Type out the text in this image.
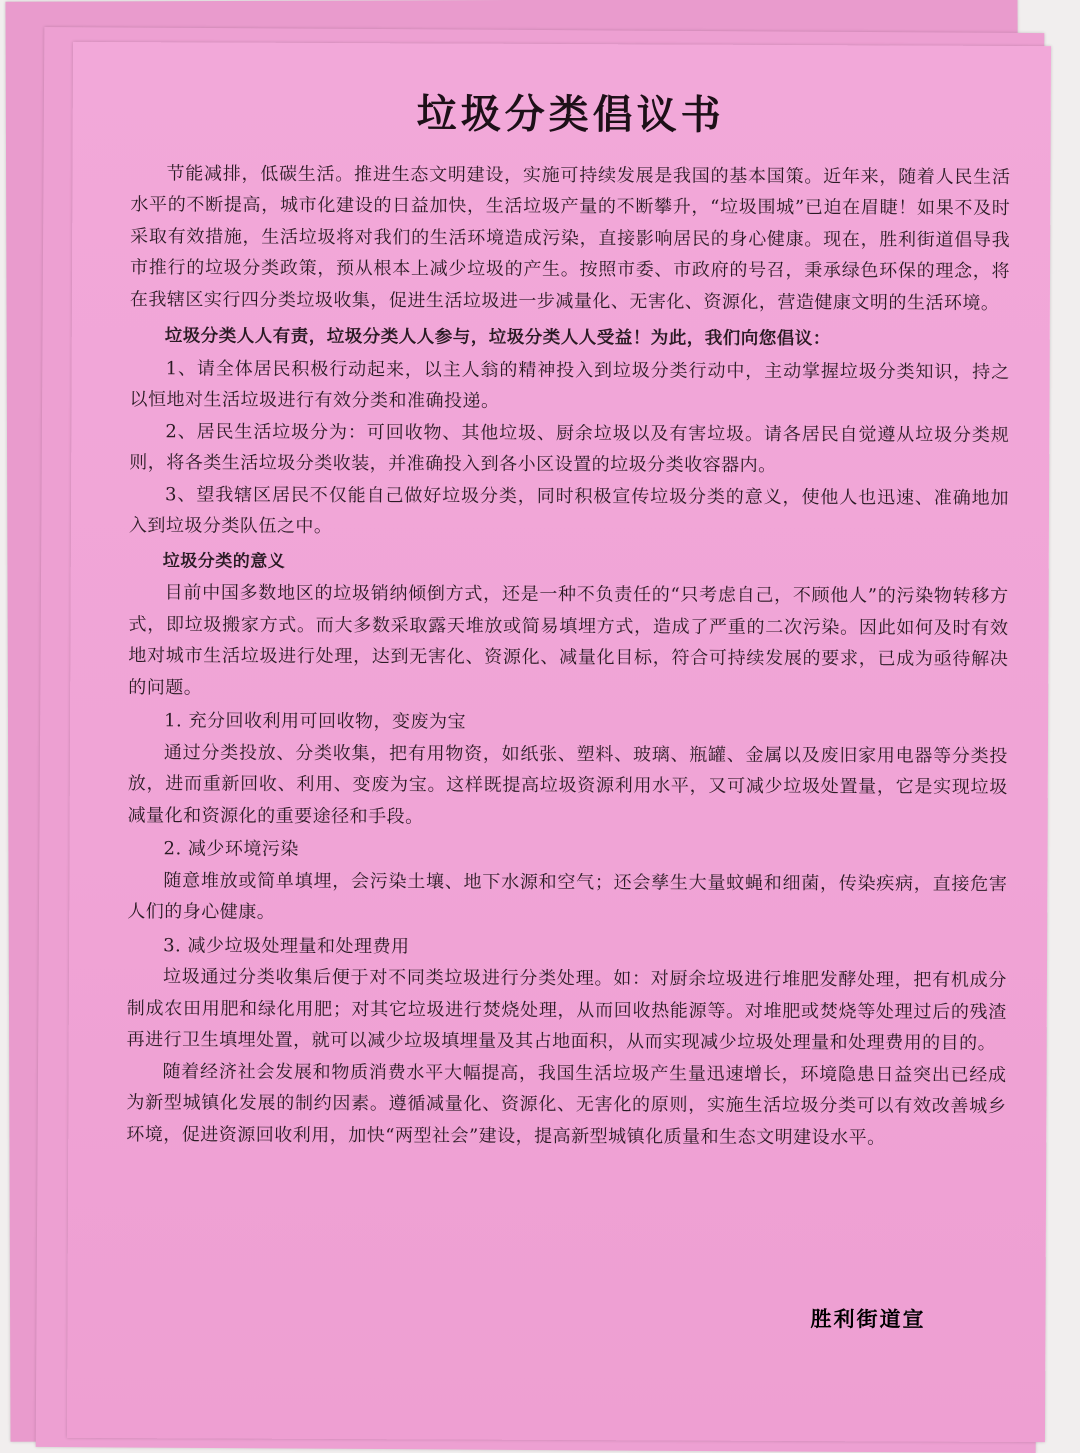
垃圾分类倡议书

节能减排，低碳生活。推进生态文明建设，实施可持续发展是我国的基本国策。近年来，随着人民生活水平的不断提高，城市化建设的日益加快，生活垃圾产量的不断攀升，“垃圾围城”已迫在眉睫！如果不及时采取有效措施，生活垃圾将对我们的生活环境造成污染，直接影响居民的身心健康。现在，胜利街道倡导我市推行的垃圾分类政策，预从根本上减少垃圾的产生。按照市委、市政府的号召，秉承绿色环保的理念，将在我辖区实行四分类垃圾收集，促进生活垃圾进一步减量化、无害化、资源化，营造健康文明的生活环境。

垃圾分类人人有责，垃圾分类人人参与，垃圾分类人人受益！为此，我们向您倡议：

1、请全体居民积极行动起来，以主人翁的精神投入到垃圾分类行动中，主动掌握垃圾分类知识，持之以恒地对生活垃圾进行有效分类和准确投递。

2、居民生活垃圾分为：可回收物、其他垃圾、厨余垃圾以及有害垃圾。请各居民自觉遵从垃圾分类规则，将各类生活垃圾分类收装，并准确投入到各小区设置的垃圾分类收容器内。

3、望我辖区居民不仅能自己做好垃圾分类，同时积极宣传垃圾分类的意义，使他人也迅速、准确地加入到垃圾分类队伍之中。

垃圾分类的意义

目前中国多数地区的垃圾销纳倾倒方式，还是一种不负责任的“只考虑自己，不顾他人”的污染物转移方式，即垃圾搬家方式。而大多数采取露天堆放或简易填埋方式，造成了严重的二次污染。因此如何及时有效地对城市生活垃圾进行处理，达到无害化、资源化、减量化目标，符合可持续发展的要求，已成为亟待解决的问题。

1. 充分回收利用可回收物，变废为宝

通过分类投放、分类收集，把有用物资，如纸张、塑料、玻璃、瓶罐、金属以及废旧家用电器等分类投放，进而重新回收、利用、变废为宝。这样既提高垃圾资源利用水平，又可减少垃圾处置量，它是实现垃圾减量化和资源化的重要途径和手段。

2. 减少环境污染

随意堆放或简单填埋，会污染土壤、地下水源和空气；还会孳生大量蚊蝇和细菌，传染疾病，直接危害人们的身心健康。

3. 减少垃圾处理量和处理费用

垃圾通过分类收集后便于对不同类垃圾进行分类处理。如：对厨余垃圾进行堆肥发酵处理，把有机成分制成农田用肥和绿化用肥；对其它垃圾进行焚烧处理，从而回收热能源等。对堆肥或焚烧等处理过后的残渣再进行卫生填埋处置，就可以减少垃圾填埋量及其占地面积，从而实现减少垃圾处理量和处理费用的目的。

随着经济社会发展和物质消费水平大幅提高，我国生活垃圾产生量迅速增长，环境隐患日益突出已经成为新型城镇化发展的制约因素。遵循减量化、资源化、无害化的原则，实施生活垃圾分类可以有效改善城乡环境，促进资源回收利用，加快“两型社会”建设，提高新型城镇化质量和生态文明建设水平。

胜利街道宣
